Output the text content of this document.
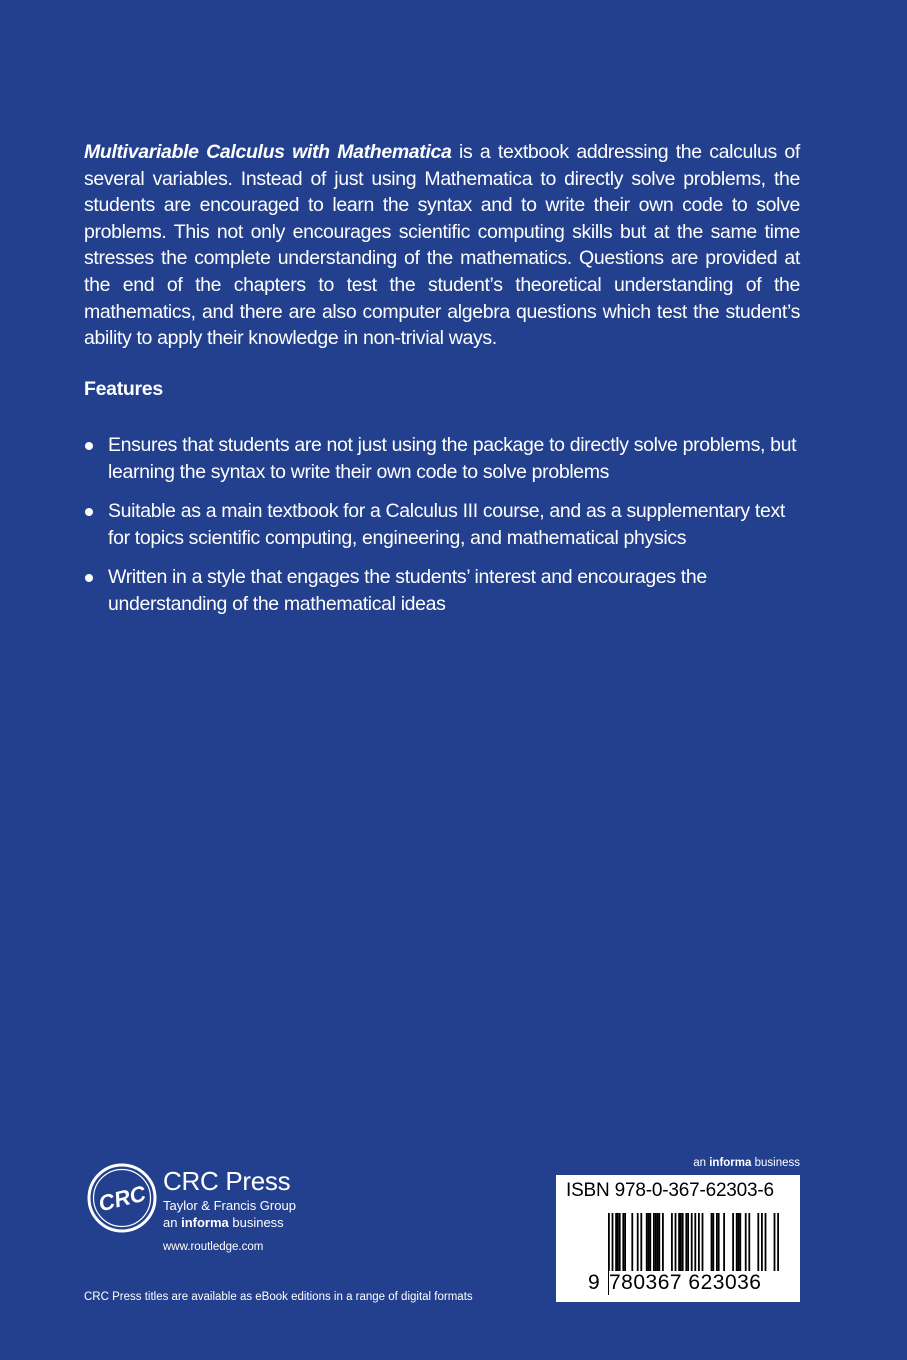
Multivariable Calculus with Mathematica is a textbook addressing the calculus of several variables. Instead of just using Mathematica to directly solve problems, the students are encouraged to learn the syntax and to write their own code to solve problems. This not only encourages scientific computing skills but at the same time stresses the complete understanding of the mathematics. Questions are provided at the end of the chapters to test the student’s theoretical understanding of the mathematics, and there are also computer algebra questions which test the student’s ability to apply their knowledge in non-trivial ways.

Features
Ensures that students are not just using the package to directly solve problems, but learning the syntax to write their own code to solve problems
Suitable as a main textbook for a Calculus III course, and as a supplementary text for topics scientific computing, engineering, and mathematical physics
Written in a style that engages the students’ interest and encourages the understanding of the mathematical ideas
CRC CRC Press
Taylor & Francis Group
an informa business
www.routledge.com
CRC Press titles are available as eBook editions in a range of digital formats
an informa business
ISBN 978-0-367-62303-6
9 780367 623036
